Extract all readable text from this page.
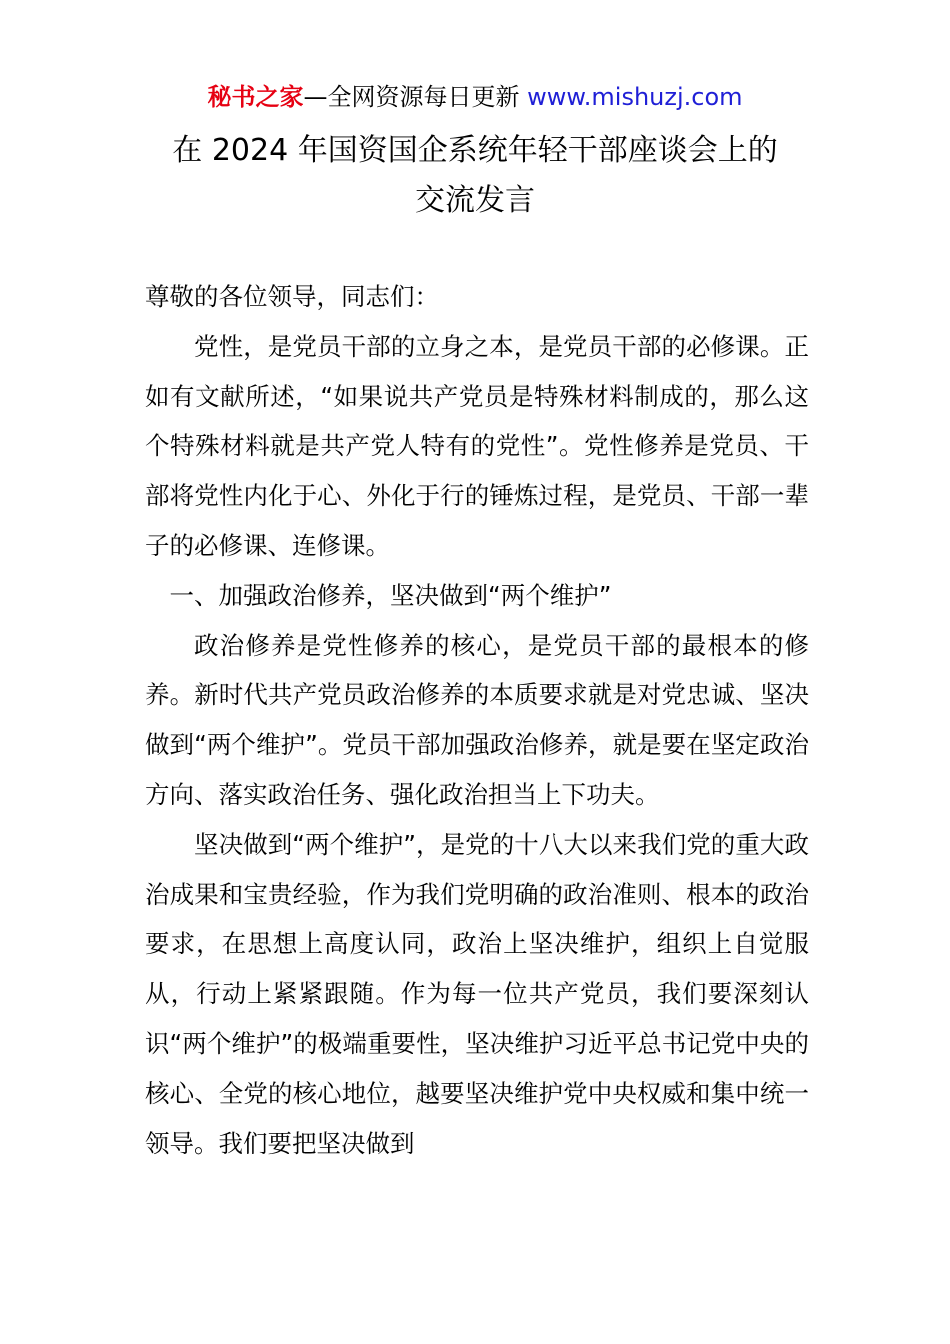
秘书之家—全网资源每日更新 www.mishuzj.com
在 2024 年国资国企系统年轻干部座谈会上的
交流发言

尊敬的各位领导，同志们：

党性，是党员干部的立身之本，是党员干部的必修课。正如有文献所述，“如果说共产党员是特殊材料制成的，那么这个特殊材料就是共产党人特有的党性”。党性修养是党员、干部将党性内化于心、外化于行的锤炼过程，是党员、干部一辈子的必修课、连修课。

一、加强政治修养，坚决做到“两个维护”

政治修养是党性修养的核心，是党员干部的最根本的修养。新时代共产党员政治修养的本质要求就是对党忠诚、坚决做到“两个维护”。党员干部加强政治修养，就是要在坚定政治方向、落实政治任务、强化政治担当上下功夫。

坚决做到“两个维护”，是党的十八大以来我们党的重大政治成果和宝贵经验，作为我们党明确的政治准则、根本的政治要求，在思想上高度认同，政治上坚决维护，组织上自觉服从，行动上紧紧跟随。作为每一位共产党员，我们要深刻认识“两个维护”的极端重要性，坚决维护习近平总书记党中央的核心、全党的核心地位，越要坚决维护党中央权威和集中统一领导。我们要把坚决做到
